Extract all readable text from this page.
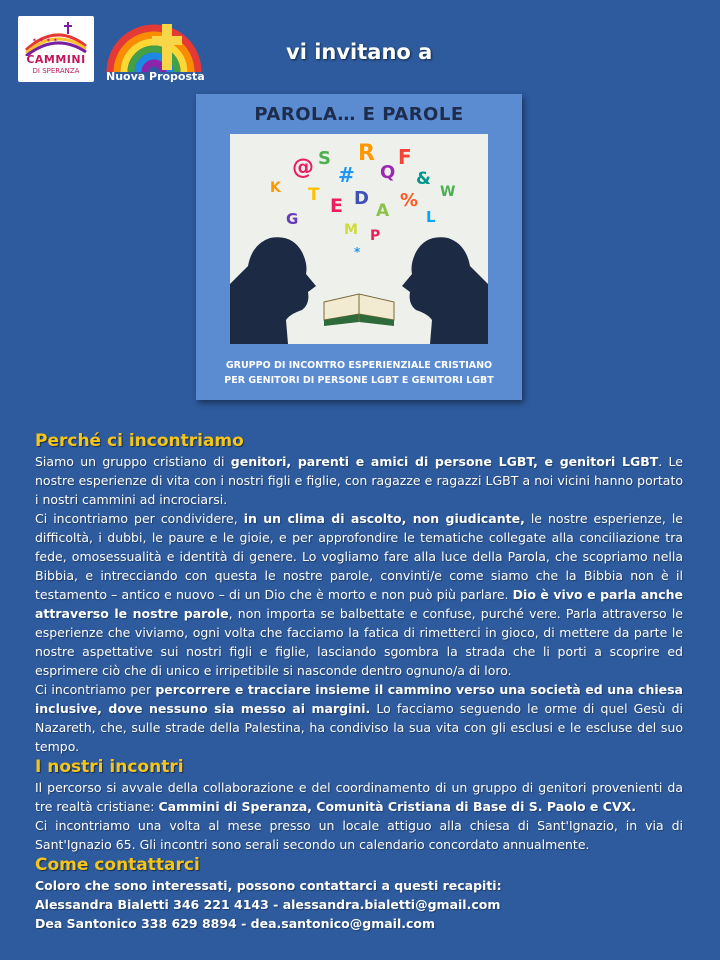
✶ ✶ ✶ ✶
CAMMINI
DI SPERANZA	Nuova Proposta
vi invitano a
PAROLA… E PAROLE
@ S
#
R
Q
F
&
T E D
A %
G	L
M P
*
W
K
GRUPPO DI INCONTRO ESPERIENZIALE CRISTIANO
PER GENITORI DI PERSONE LGBT E GENITORI LGBT
Perché ci incontriamo

Siamo un gruppo cristiano di genitori, parenti e amici di persone LGBT, e genitori LGBT. Le nostre esperienze di vita con i nostri figli e figlie, con ragazze e ragazzi LGBT a noi vicini hanno portato i nostri cammini ad incrociarsi.

Ci incontriamo per condividere, in un clima di ascolto, non giudicante, le nostre esperienze, le difficoltà, i dubbi, le paure e le gioie, e per approfondire le tematiche collegate alla conciliazione tra fede, omosessualità e identità di genere. Lo vogliamo fare alla luce della Parola, che scopriamo nella Bibbia, e intrecciando con questa le nostre parole, convinti/e come siamo che la Bibbia non è il testamento – antico e nuovo – di un Dio che è morto e non può più parlare. Dio è vivo e parla anche attraverso le nostre parole, non importa se balbettate e confuse, purché vere. Parla attraverso le esperienze che viviamo, ogni volta che facciamo la fatica di rimetterci in gioco, di mettere da parte le nostre aspettative sui nostri figli e figlie, lasciando sgombra la strada che li porti a scoprire ed esprimere ciò che di unico e irripetibile si nasconde dentro ognuno/a di loro.

Ci incontriamo per percorrere e tracciare insieme il cammino verso una società ed una chiesa inclusive, dove nessuno sia messo ai margini. Lo facciamo seguendo le orme di quel Gesù di Nazareth, che, sulle strade della Palestina, ha condiviso la sua vita con gli esclusi e le escluse del suo tempo.

I nostri incontri

Il percorso si avvale della collaborazione e del coordinamento di un gruppo di genitori provenienti da tre realtà cristiane: Cammini di Speranza, Comunità Cristiana di Base di S. Paolo e CVX.

Ci incontriamo una volta al mese presso un locale attiguo alla chiesa di Sant'Ignazio, in via di Sant'Ignazio 65. Gli incontri sono serali secondo un calendario concordato annualmente.

Come contattarci

Coloro che sono interessati, possono contattarci a questi recapiti:

Alessandra Bialetti 346 221 4143 - alessandra.bialetti@gmail.com

Dea Santonico 338 629 8894 - dea.santonico@gmail.com
